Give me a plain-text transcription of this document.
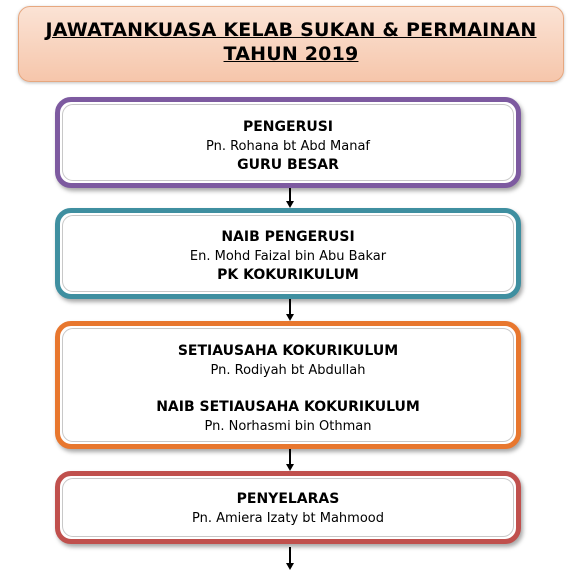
JAWATANKUASA KELAB SUKAN & PERMAINAN
TAHUN 2019
PENGERUSI
Pn. Rohana bt Abd Manaf
GURU BESAR
NAIB PENGERUSI
En. Mohd Faizal bin Abu Bakar
PK KOKURIKULUM
SETIAUSAHA KOKURIKULUM
Pn. Rodiyah bt Abdullah
NAIB SETIAUSAHA KOKURIKULUM
Pn. Norhasmi bin Othman
PENYELARAS
Pn. Amiera Izaty bt Mahmood
